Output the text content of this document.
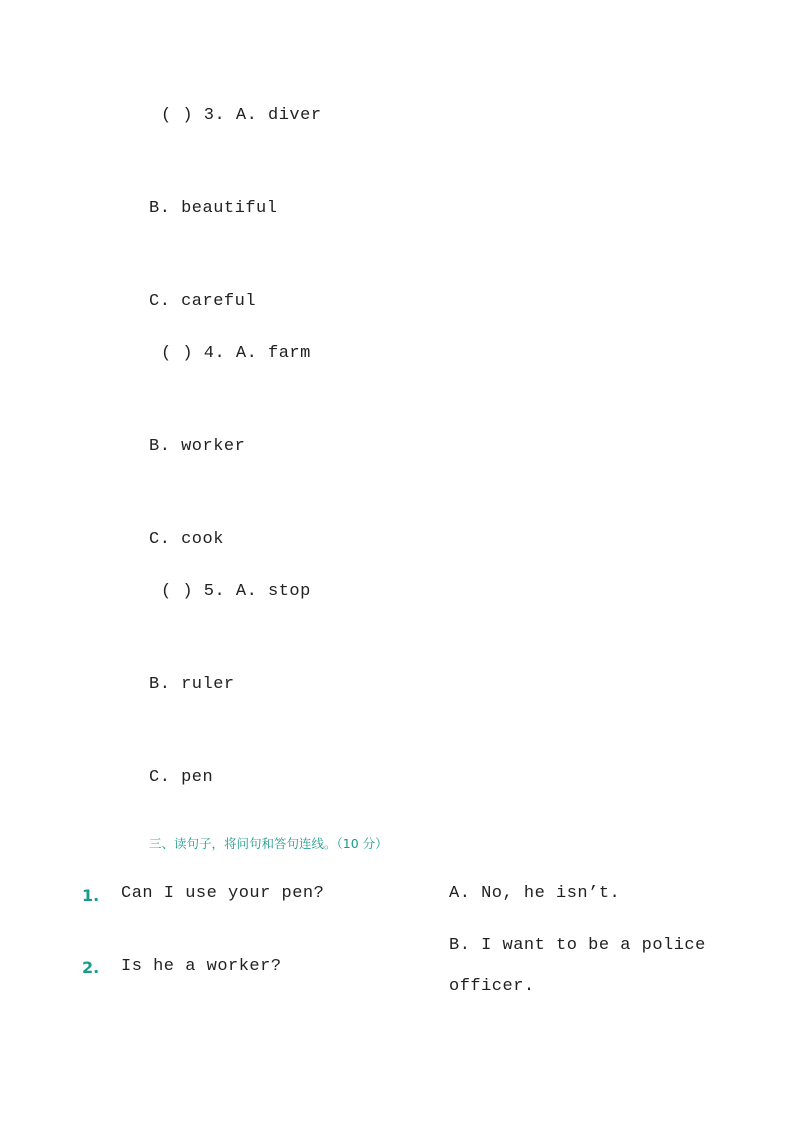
( ) 3. A. diver
B. beautiful
C. careful
( ) 4. A. farm
B. worker
C. cook
( ) 5. A. stop
B. ruler
C. pen
三、读句子，将问句和答句连线。（10 分）
1. Can I use your pen?	A. No, he isn’t.
B. I want to be a police
officer.
2. Is he a worker?
